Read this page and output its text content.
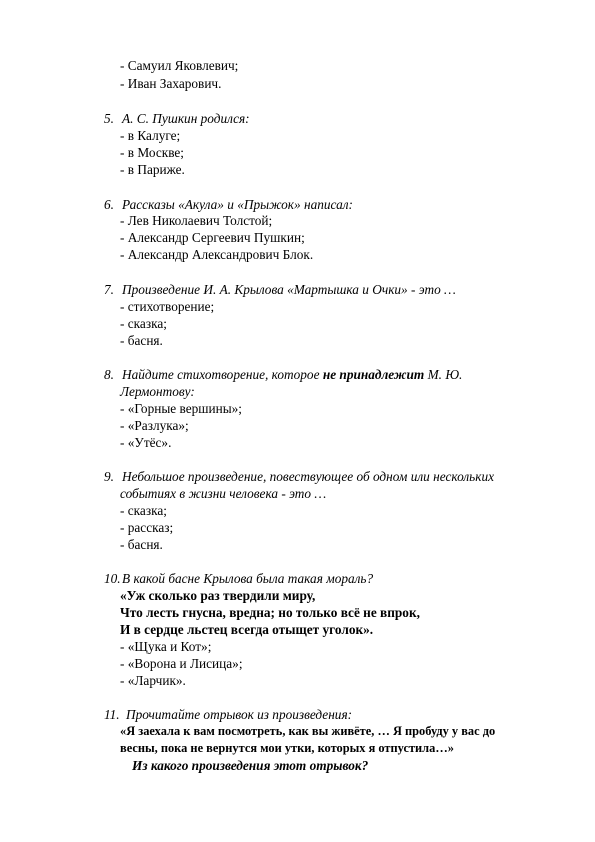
- Самуил Яковлевич;
- Иван Захарович.
5. А. С. Пушкин родился:
- в Калуге;
- в Москве;
- в Париже.
6. Рассказы «Акула» и «Прыжок» написал:
- Лев Николаевич Толстой;
- Александр Сергеевич Пушкин;
- Александр Александрович Блок.
7. Произведение И. А. Крылова «Мартышка и Очки» - это …
- стихотворение;
- сказка;
- басня.
8. Найдите стихотворение, которое не принадлежит М. Ю.
Лермонтову:
- «Горные вершины»;
- «Разлука»;
- «Утёс».
9. Небольшое произведение, повествующее об одном или нескольких
событиях в жизни человека - это …
- сказка;
- рассказ;
- басня.
10.В какой басне Крылова была такая мораль?
«Уж сколько раз твердили миру,
Что лесть гнусна, вредна; но только всё не впрок,
И в сердце льстец всегда отыщет уголок».
- «Щука и Кот»;
- «Ворона и Лисица»;
- «Ларчик».
11. Прочитайте отрывок из произведения:
«Я заехала к вам посмотреть, как вы живёте, … Я пробуду у вас до
весны, пока не вернутся мои утки, которых я отпустила…»
Из какого произведения этот отрывок?
